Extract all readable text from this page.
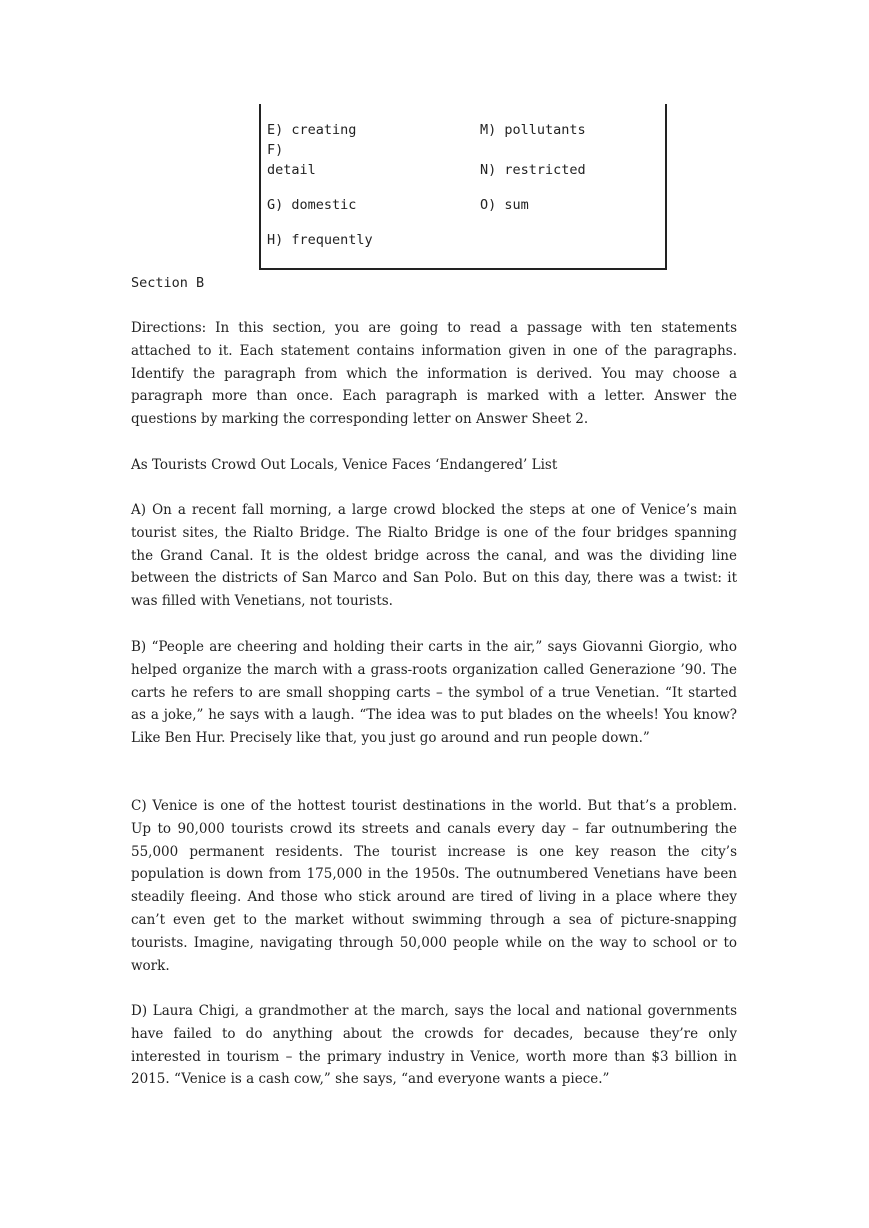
E) creating	M) pollutants
F)
detail	N) restricted
G) domestic	O) sum
H) frequently
Section B

Directions: In this section, you are going to read a passage with ten statements attached to it. Each statement contains information given in one of the paragraphs. Identify the paragraph from which the information is derived. You may choose a paragraph more than once. Each paragraph is marked with a letter. Answer the questions by marking the corresponding letter on Answer Sheet 2.

As Tourists Crowd Out Locals, Venice Faces ‘Endangered’ List

A) On a recent fall morning, a large crowd blocked the steps at one of Venice’s main tourist sites, the Rialto Bridge. The Rialto Bridge is one of the four bridges spanning the Grand Canal. It is the oldest bridge across the canal, and was the dividing line between the districts of San Marco and San Polo. But on this day, there was a twist: it was filled with Venetians, not tourists.

B) “People are cheering and holding their carts in the air,” says Giovanni Giorgio, who helped organize the march with a grass-roots organization called Generazione ’90. The carts he refers to are small shopping carts – the symbol of a true Venetian. “It started as a joke,” he says with a laugh. “The idea was to put blades on the wheels! You know? Like Ben Hur. Precisely like that, you just go around and run people down.”

C) Venice is one of the hottest tourist destinations in the world. But that’s a problem. Up to 90,000 tourists crowd its streets and canals every day – far outnumbering the 55,000 permanent residents. The tourist increase is one key reason the city’s population is down from 175,000 in the 1950s. The outnumbered Venetians have been steadily fleeing. And those who stick around are tired of living in a place where they can’t even get to the market without swimming through a sea of picture-snapping tourists. Imagine, navigating through 50,000 people while on the way to school or to work.

D) Laura Chigi, a grandmother at the march, says the local and national governments have failed to do anything about the crowds for decades, because they’re only interested in tourism – the primary industry in Venice, worth more than $3 billion in 2015. “Venice is a cash cow,” she says, “and everyone wants a piece.”
